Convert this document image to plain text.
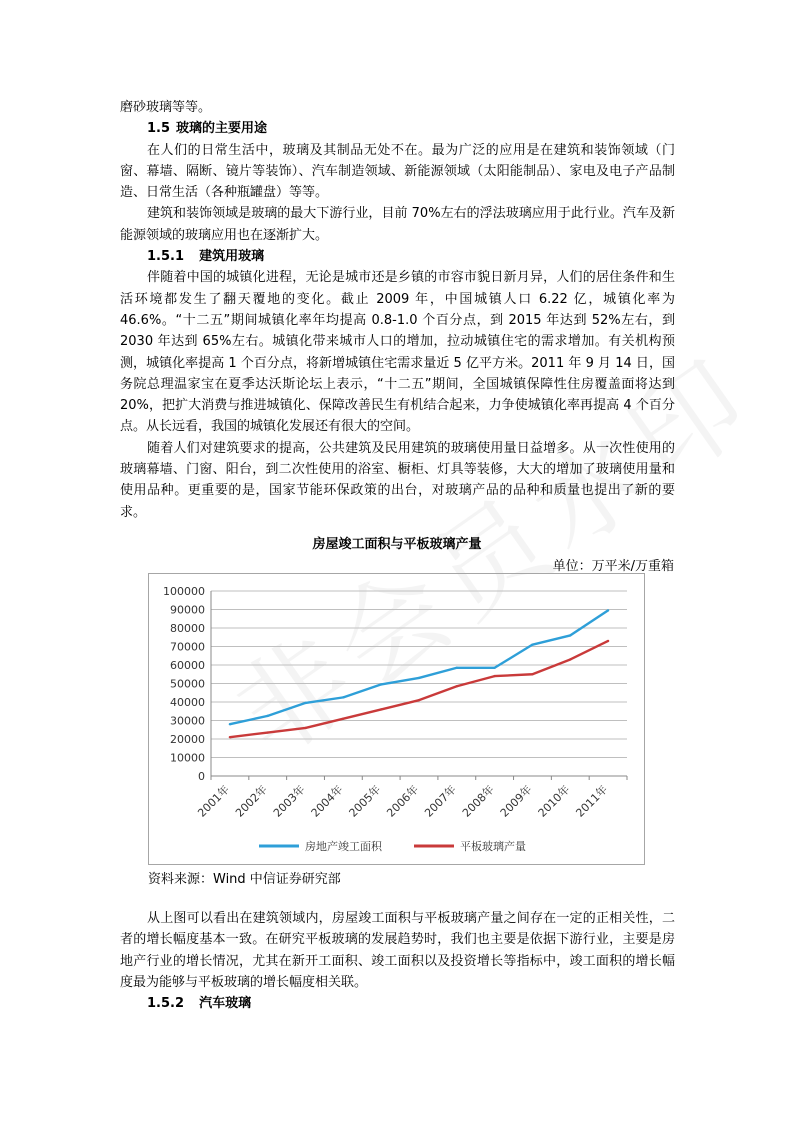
磨砂玻璃等等。

1.5 玻璃的主要用途

在人们的日常生活中，玻璃及其制品无处不在。最为广泛的应用是在建筑和装饰领域（门窗、幕墙、隔断、镜片等装饰）、汽车制造领域、新能源领域（太阳能制品）、家电及电子产品制造、日常生活（各种瓶罐盘）等等。

建筑和装饰领域是玻璃的最大下游行业，目前 70%左右的浮法玻璃应用于此行业。汽车及新能源领域的玻璃应用也在逐渐扩大。

1.5.1 建筑用玻璃

伴随着中国的城镇化进程，无论是城市还是乡镇的市容市貌日新月异，人们的居住条件和生活环境都发生了翻天覆地的变化。截止 2009 年，中国城镇人口 6.22 亿，城镇化率为46.6%。“十二五”期间城镇化率年均提高 0.8-1.0 个百分点，到 2015 年达到 52%左右，到2030 年达到 65%左右。城镇化带来城市人口的增加，拉动城镇住宅的需求增加。有关机构预测，城镇化率提高 1 个百分点，将新增城镇住宅需求量近 5 亿平方米。2011 年 9 月 14 日，国务院总理温家宝在夏季达沃斯论坛上表示，“十二五”期间，全国城镇保障性住房覆盖面将达到 20%，把扩大消费与推进城镇化、保障改善民生有机结合起来，力争使城镇化率再提高 4 个百分点。从长远看，我国的城镇化发展还有很大的空间。

随着人们对建筑要求的提高，公共建筑及民用建筑的玻璃使用量日益增多。从一次性使用的玻璃幕墙、门窗、阳台，到二次性使用的浴室、橱柜、灯具等装修，大大的增加了玻璃使用量和使用品种。更重要的是，国家节能环保政策的出台，对玻璃产品的品种和质量也提出了新的要求。

房屋竣工面积与平板玻璃产量
单位：万平米/万重箱
0
10000
20000
30000
40000
50000
60000
70000
80000
90000
100000
2001年 2002年 2003年 2004年 2005年 2006年 2007年 2008年 2009年 2010年 2011年
房地产竣工面积	平板玻璃产量
资料来源：Wind 中信证券研究部

从上图可以看出在建筑领域内，房屋竣工面积与平板玻璃产量之间存在一定的正相关性，二者的增长幅度基本一致。在研究平板玻璃的发展趋势时，我们也主要是依据下游行业，主要是房地产行业的增长情况，尤其在新开工面积、竣工面积以及投资增长等指标中，竣工面积的增长幅度最为能够与平板玻璃的增长幅度相关联。

1.5.2 汽车玻璃
